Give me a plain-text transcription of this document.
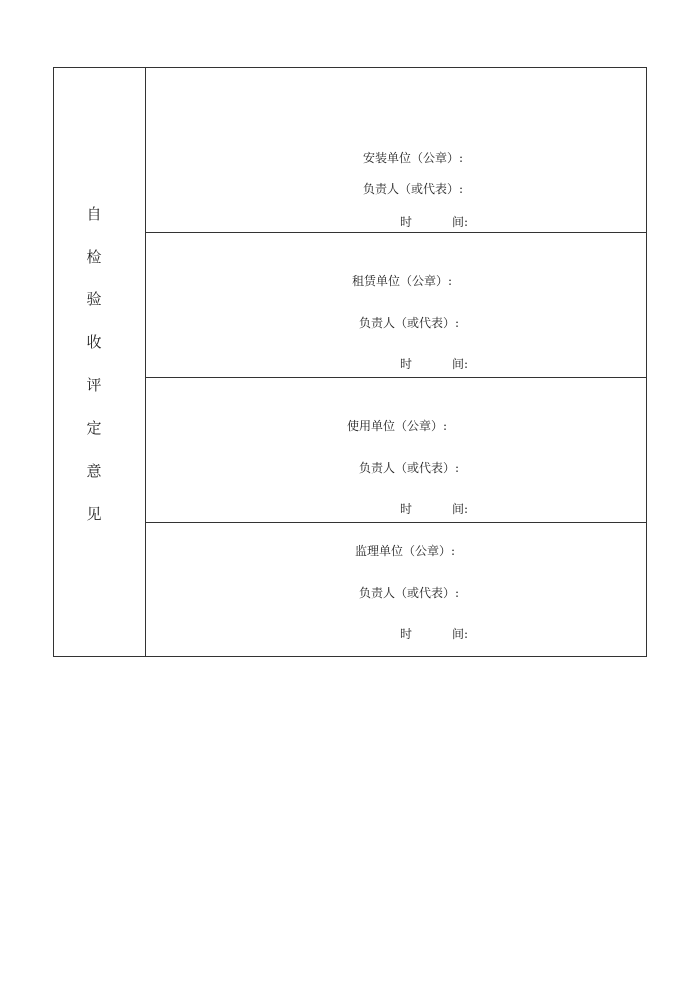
自
检
验
收
评
定
意
见
安装单位（公章）:
负责人（或代表）:
时	间:
租赁单位（公章）:
负责人（或代表）:
时	间:
使用单位（公章）:
负责人（或代表）:
时	间:
监理单位（公章）:
负责人（或代表）:
时	间:
